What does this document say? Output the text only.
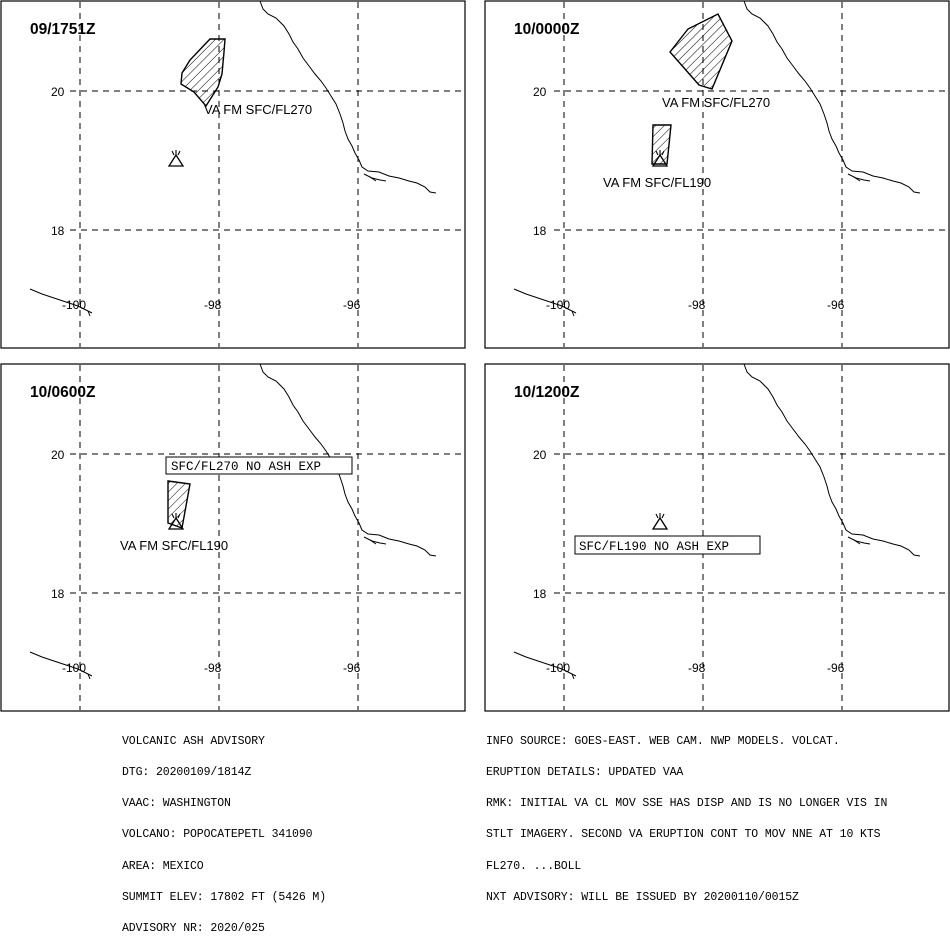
09/1751Z
20
18
-100	-98	-96
VA FM SFC/FL270
10/0000Z
20
18
-100	-98	-96
VA FM SFC/FL270
VA FM SFC/FL190
SFC/FL270 NO ASH EXP
10/0600Z
20
18
-100	-98	-96
VA FM SFC/FL190	SFC/FL190 NO ASH EXP
10/1200Z
20
18
-100	-98	-96

VOLCANIC ASH ADVISORY

DTG: 20200109/1814Z

VAAC: WASHINGTON

VOLCANO: POPOCATEPETL 341090

AREA: MEXICO

SUMMIT ELEV: 17802 FT (5426 M)

ADVISORY NR: 2020/025

INFO SOURCE: GOES-EAST. WEB CAM. NWP MODELS. VOLCAT.

ERUPTION DETAILS: UPDATED VAA

RMK: INITIAL VA CL MOV SSE HAS DISP AND IS NO LONGER VIS IN

STLT IMAGERY. SECOND VA ERUPTION CONT TO MOV NNE AT 10 KTS

FL270. ...BOLL

NXT ADVISORY: WILL BE ISSUED BY 20200110/0015Z
